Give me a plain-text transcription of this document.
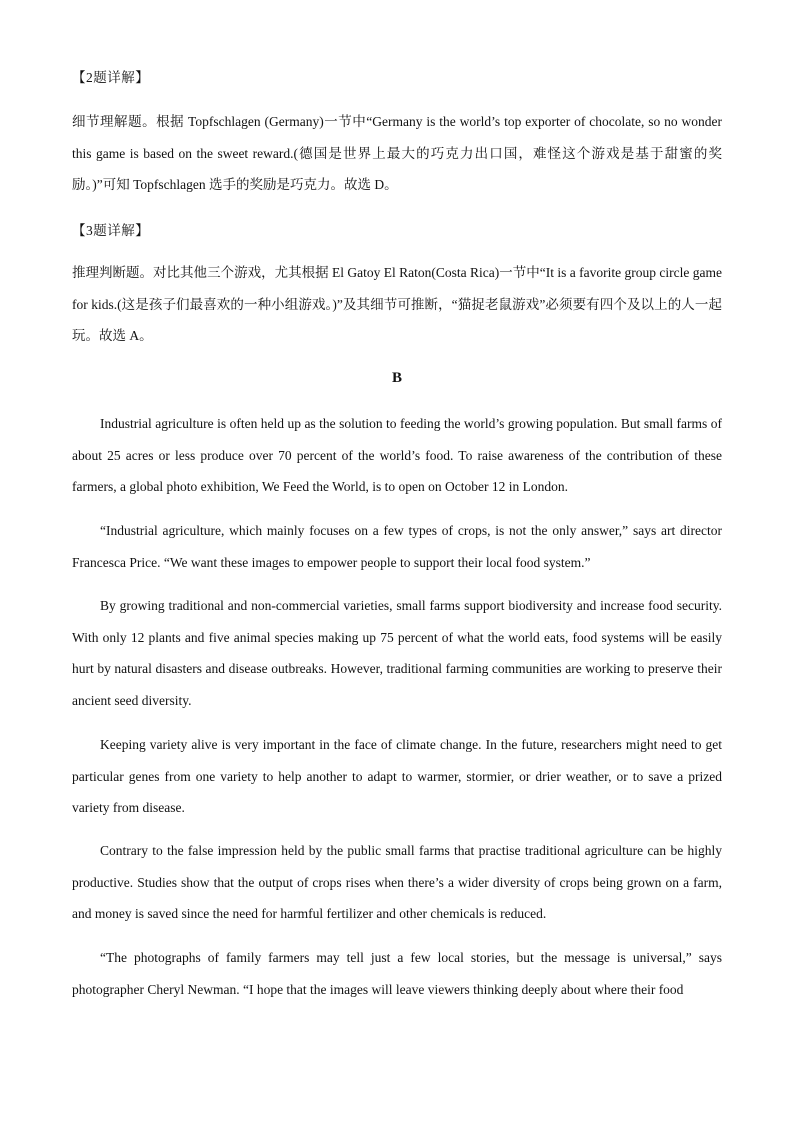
【2题详解】

细节理解题。根据 Topfschlagen (Germany)一节中“Germany is the world’s top exporter of chocolate, so no wonder this game is based on the sweet reward.(德国是世界上最大的巧克力出口国，难怪这个游戏是基于甜蜜的奖励。)”可知 Topfschlagen 选手的奖励是巧克力。故选 D。

【3题详解】

推理判断题。对比其他三个游戏，尤其根据 El Gatoy El Raton(Costa Rica)一节中“It is a favorite group circle game for kids.(这是孩子们最喜欢的一种小组游戏。)”及其细节可推断，“猫捉老鼠游戏”必须要有四个及以上的人一起玩。故选 A。

B

Industrial agriculture is often held up as the solution to feeding the world’s growing population. But small farms of about 25 acres or less produce over 70 percent of the world’s food. To raise awareness of the contribution of these farmers, a global photo exhibition, We Feed the World, is to open on October 12 in London.

“Industrial agriculture, which mainly focuses on a few types of crops, is not the only answer,” says art director Francesca Price. “We want these images to empower people to support their local food system.”

By growing traditional and non-commercial varieties, small farms support biodiversity and increase food security. With only 12 plants and five animal species making up 75 percent of what the world eats, food systems will be easily hurt by natural disasters and disease outbreaks. However, traditional farming communities are working to preserve their ancient seed diversity.

Keeping variety alive is very important in the face of climate change. In the future, researchers might need to get particular genes from one variety to help another to adapt to warmer, stormier, or drier weather, or to save a prized variety from disease.

Contrary to the false impression held by the public small farms that practise traditional agriculture can be highly productive. Studies show that the output of crops rises when there’s a wider diversity of crops being grown on a farm, and money is saved since the need for harmful fertilizer and other chemicals is reduced.

“The photographs of family farmers may tell just a few local stories, but the message is universal,” says photographer Cheryl Newman. “I hope that the images will leave viewers thinking deeply about where their food
